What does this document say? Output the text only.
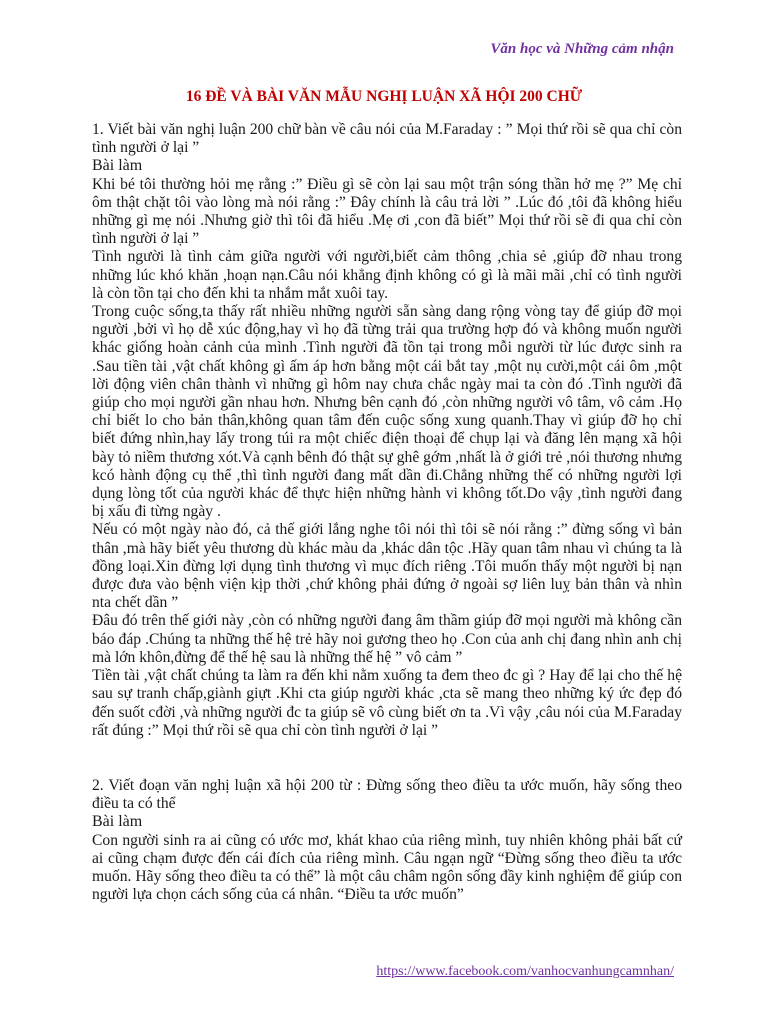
Văn học và Những cảm nhận
16 ĐỀ VÀ BÀI VĂN MẪU NGHỊ LUẬN XÃ HỘI 200 CHỮ

1. Viết bài văn nghị luận 200 chữ bàn về câu nói của M.Faraday : ” Mọi thứ rồi sẽ qua chỉ còn tình người ở lại ”

Bài làm

Khi bé tôi thường hỏi mẹ rằng :” Điều gì sẽ còn lại sau một trận sóng thần hở mẹ ?” Mẹ chỉ ôm thật chặt tôi vào lòng mà nói rằng :” Đây chính là câu trả lời ” .Lúc đó ,tôi đã không hiểu những gì mẹ nói .Nhưng giờ thì tôi đã hiểu .Mẹ ơi ,con đã biết” Mọi thứ rồi sẽ đi qua chỉ còn tình người ở lại ”

Tình người là tình cảm giữa người với người,biết cảm thông ,chia sẻ ,giúp đỡ nhau trong những lúc khó khăn ,hoạn nạn.Câu nói khẳng định không có gì là mãi mãi ,chỉ có tình người là còn tồn tại cho đến khi ta nhắm mắt xuôi tay.

Trong cuộc sống,ta thấy rất nhiều những người sẵn sàng dang rộng vòng tay để giúp đỡ mọi người ,bởi vì họ dễ xúc động,hay vì họ đã từng trải qua trường hợp đó và không muốn người khác giống hoàn cảnh của mình .Tình người đã tồn tại trong mỗi người từ lúc được sinh ra .Sau tiền tài ,vật chất không gì ấm áp hơn bằng một cái bắt tay ,một nụ cười,một cái ôm ,một lời động viên chân thành vì những gì hôm nay chưa chắc ngày mai ta còn đó .Tình người đã giúp cho mọi người gần nhau hơn. Nhưng bên cạnh đó ,còn những người vô tâm, vô cảm .Họ chỉ biết lo cho bản thân,không quan tâm đến cuộc sống xung quanh.Thay vì giúp đỡ họ chỉ biết đứng nhìn,hay lấy trong túi ra một chiếc điện thoại để chụp lại và đăng lên mạng xã hội bày tỏ niềm thương xót.Và cạnh bênh đó thật sự ghê gớm ,nhất là ở giới trẻ ,nói thương nhưng kcó hành động cụ thể ,thì tình người đang mất dần đi.Chẳng những thế có những người lợi dụng lòng tốt của người khác để thực hiện những hành vi không tốt.Do vậy ,tình người đang bị xấu đi từng ngày .

Nếu có một ngày nào đó, cả thế giới lắng nghe tôi nói thì tôi sẽ nói rằng :” đừng sống vì bản thân ,mà hãy biết yêu thương dù khác màu da ,khác dân tộc .Hãy quan tâm nhau vì chúng ta là đồng loại.Xin đừng lợi dụng tình thương vì mục đích riêng .Tôi muốn thấy một người bị nạn được đưa vào bệnh viện kịp thời ,chứ không phải đứng ở ngoài sợ liên luỵ bản thân và nhìn nta chết dần ”

Đâu đó trên thế giới này ,còn có những người đang âm thầm giúp đỡ mọi người mà không cần báo đáp .Chúng ta những thế hệ trẻ hãy noi gương theo họ .Con của anh chị đang nhìn anh chị mà lớn khôn,đừng để thế hệ sau là những thế hệ ” vô cảm ”

Tiền tài ,vật chất chúng ta làm ra đến khi nằm xuống ta đem theo đc gì ? Hay để lại cho thế hệ sau sự tranh chấp,giành giựt .Khi cta giúp người khác ,cta sẽ mang theo những ký ức đẹp đó đến suốt cđời ,và những người đc ta giúp sẽ vô cùng biết ơn ta .Vì vậy ,câu nói của M.Faraday rất đúng :” Mọi thứ rồi sẽ qua chỉ còn tình người ở lại ”

2. Viết đoạn văn nghị luận xã hội 200 từ : Đừng sống theo điều ta ước muốn, hãy sống theo điều ta có thể

Bài làm

Con người sinh ra ai cũng có ước mơ, khát khao của riêng mình, tuy nhiên không phải bất cứ ai cũng chạm được đến cái đích của riêng mình. Câu ngạn ngữ “Đừng sống theo điều ta ước muốn. Hãy sống theo điều ta có thể” là một câu châm ngôn sống đầy kinh nghiệm để giúp con người lựa chọn cách sống của cá nhân. “Điều ta ước muốn”

https://www.facebook.com/vanhocvanhungcamnhan/
